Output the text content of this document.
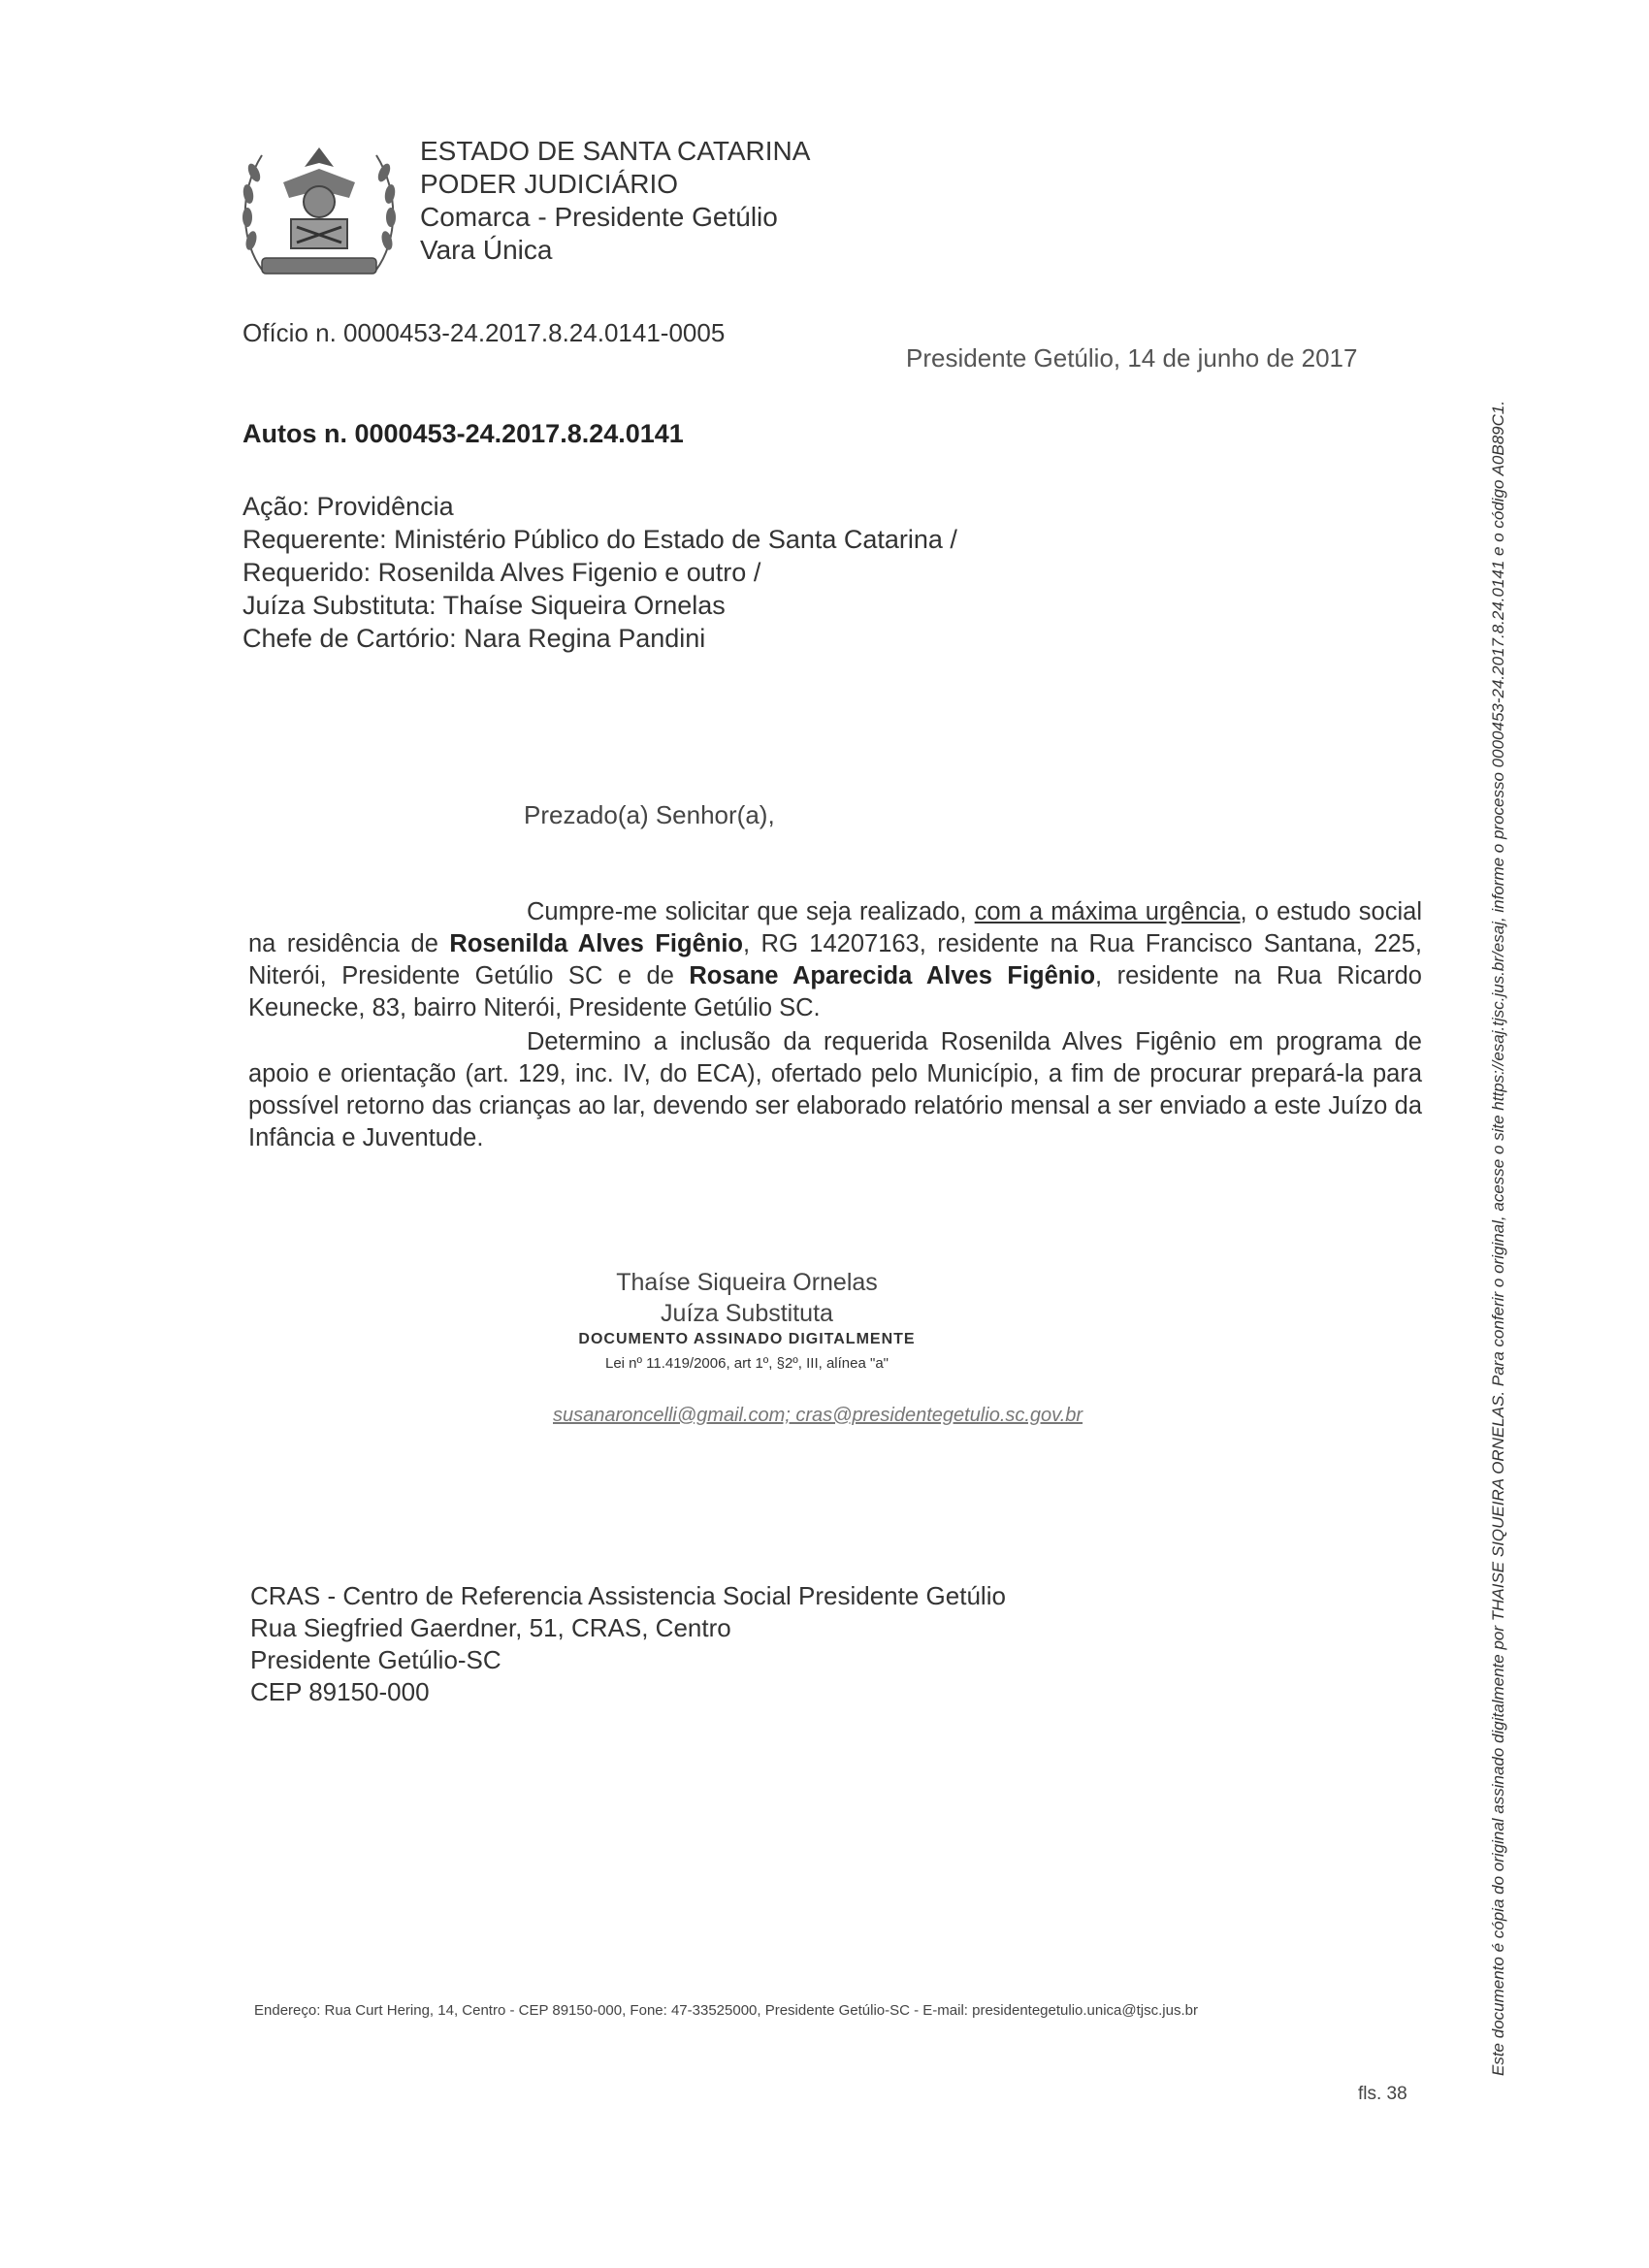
ESTADO DE SANTA CATARINA
PODER JUDICIÁRIO
Comarca - Presidente Getúlio
Vara Única
Ofício n. 0000453-24.2017.8.24.0141-0005
Presidente Getúlio, 14 de junho de 2017
Autos n. 0000453-24.2017.8.24.0141
Ação: Providência
Requerente: Ministério Público do Estado de Santa Catarina /
Requerido: Rosenilda Alves Figenio e outro /
Juíza Substituta: Thaíse Siqueira Ornelas
Chefe de Cartório: Nara Regina Pandini
Prezado(a) Senhor(a),
Cumpre-me solicitar que seja realizado, com a máxima urgência, o estudo social na residência de Rosenilda Alves Figênio, RG 14207163, residente na Rua Francisco Santana, 225, Niterói, Presidente Getúlio SC e de Rosane Aparecida Alves Figênio, residente na Rua Ricardo Keunecke, 83, bairro Niterói, Presidente Getúlio SC.
Determino a inclusão da requerida Rosenilda Alves Figênio em programa de apoio e orientação (art. 129, inc. IV, do ECA), ofertado pelo Município, a fim de procurar prepará-la para possível retorno das crianças ao lar, devendo ser elaborado relatório mensal a ser enviado a este Juízo da Infância e Juventude.
Thaíse Siqueira Ornelas
Juíza Substituta
DOCUMENTO ASSINADO DIGITALMENTE
Lei nº 11.419/2006, art 1º, §2º, III, alínea "a"
susanaroncelli@gmail.com; cras@presidentegetulio.sc.gov.br
CRAS - Centro de Referencia Assistencia Social Presidente Getúlio
Rua Siegfried Gaerdner, 51, CRAS, Centro
Presidente Getúlio-SC
CEP 89150-000
Endereço: Rua Curt Hering, 14, Centro - CEP 89150-000, Fone: 47-33525000, Presidente Getúlio-SC - E-mail: presidentegetulio.unica@tjsc.jus.br
fls. 38
Este documento é cópia do original assinado digitalmente por THAISE SIQUEIRA ORNELAS. Para conferir o original, acesse o site https://esaj.tjsc.jus.br/esaj, informe o processo 0000453-24.2017.8.24.0141 e o código A0B89C1.
